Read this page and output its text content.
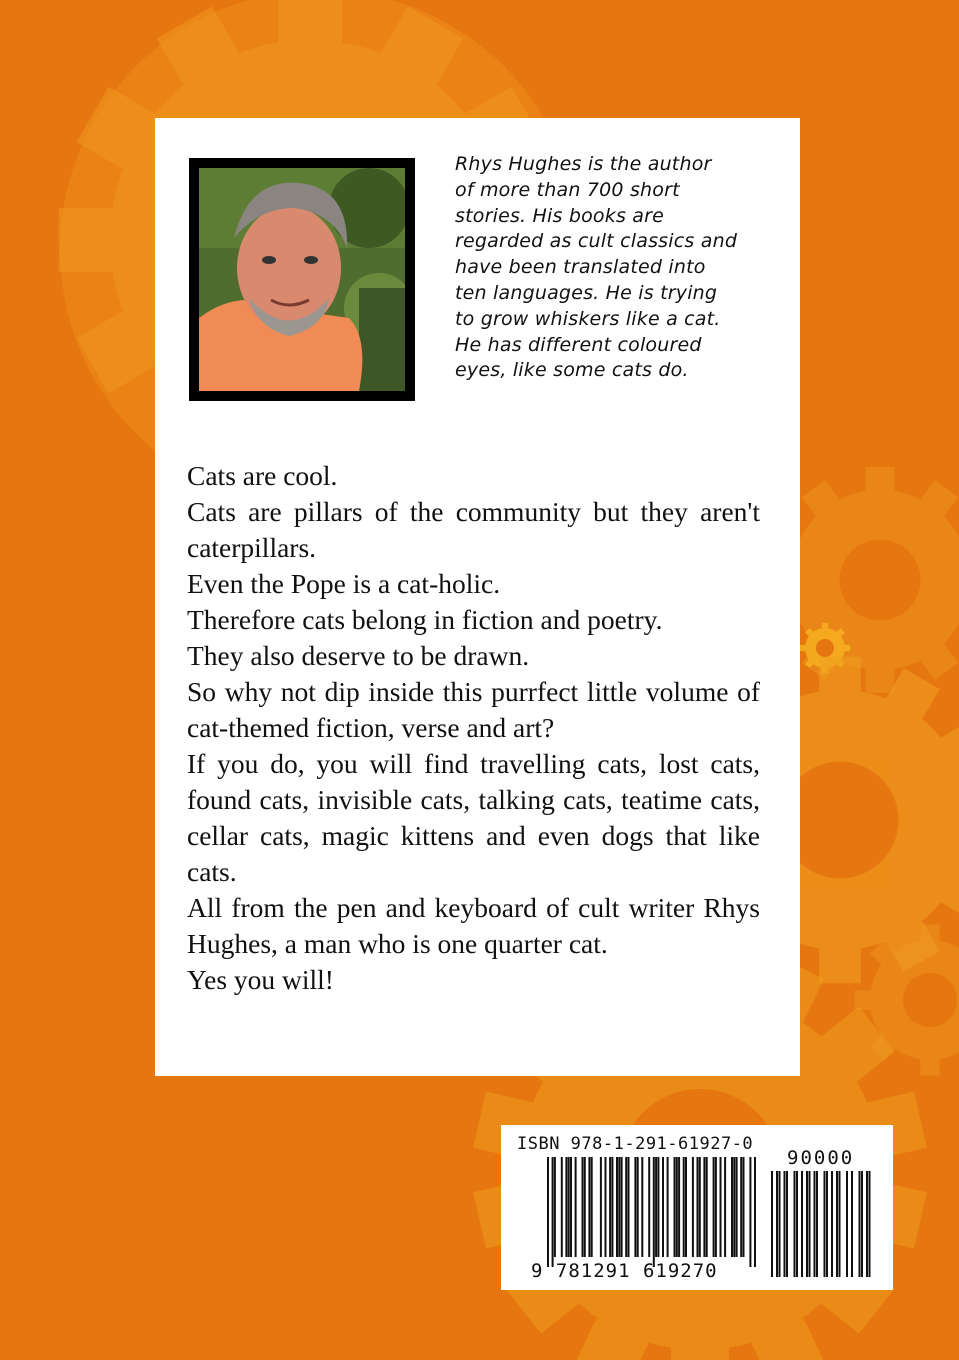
Rhys Hughes is the author
of more than 700 short
stories. His books are
regarded as cult classics and
have been translated into
ten languages. He is trying
to grow whiskers like a cat.
He has different coloured
eyes, like some cats do.

Cats are cool.

Cats are pillars of the community but they aren't caterpillars.

Even the Pope is a cat-holic.

Therefore cats belong in fiction and poetry.

They also deserve to be drawn.

So why not dip inside this purrfect little volume of cat-themed fiction, verse and art?

If you do, you will find travelling cats, lost cats, found cats, invisible cats, talking cats, teatime cats, cellar cats, magic kittens and even dogs that like cats.

All from the pen and keyboard of cult writer Rhys Hughes, a man who is one quarter cat.

Yes you will!

ISBN 978-1-291-61927-0
90000
9 781291 619270
